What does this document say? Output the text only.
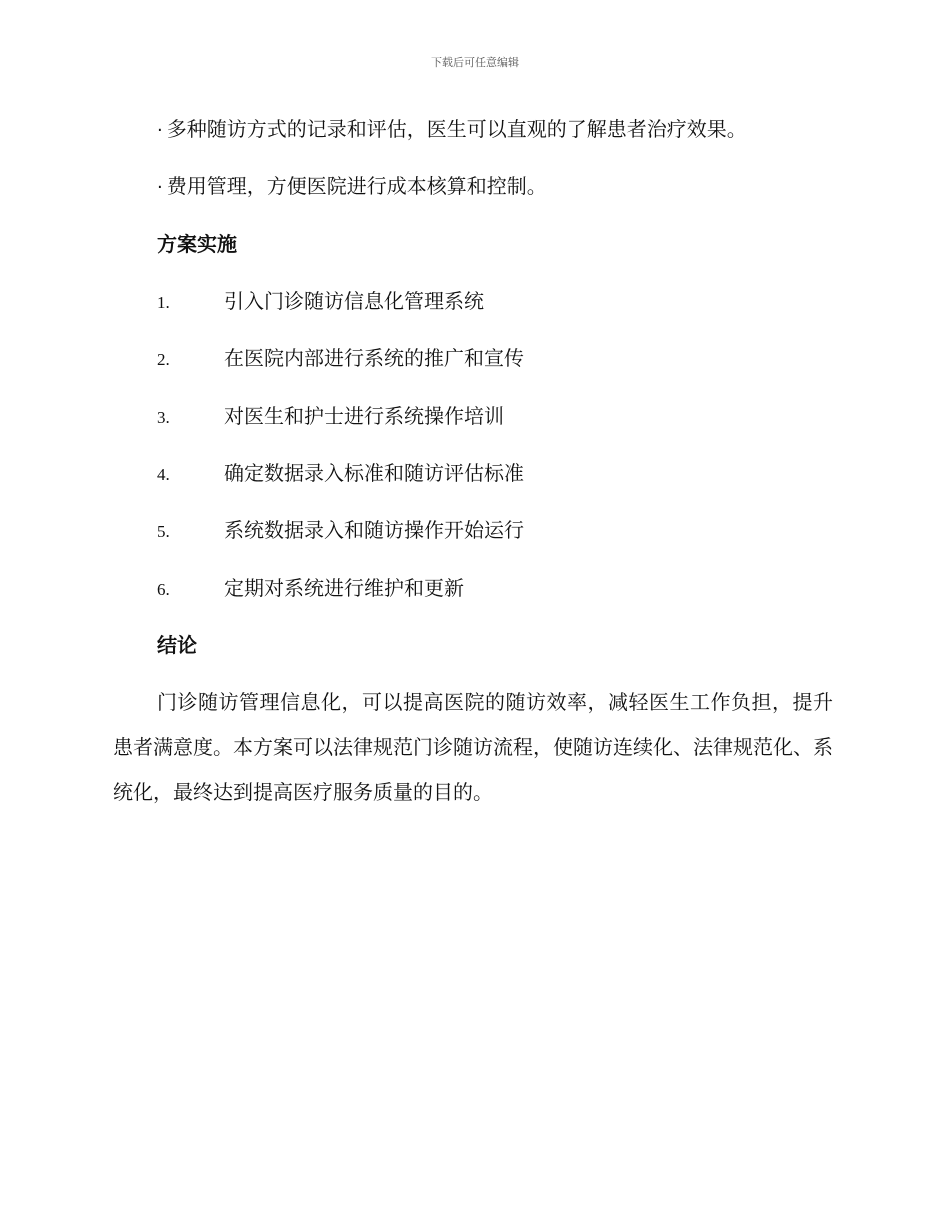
下载后可任意编辑
· 多种随访方式的记录和评估，医生可以直观的了解患者治疗效果。
· 费用管理，方便医院进行成本核算和控制。
方案实施
1.	引入门诊随访信息化管理系统
2.	在医院内部进行系统的推广和宣传
3.	对医生和护士进行系统操作培训
4.	确定数据录入标准和随访评估标准
5.	系统数据录入和随访操作开始运行
6.	定期对系统进行维护和更新
结论
门诊随访管理信息化，可以提高医院的随访效率，减轻医生工作负担，提升患者满意度。本方案可以法律规范门诊随访流程，使随访连续化、法律规范化、系统化，最终达到提高医疗服务质量的目的。
